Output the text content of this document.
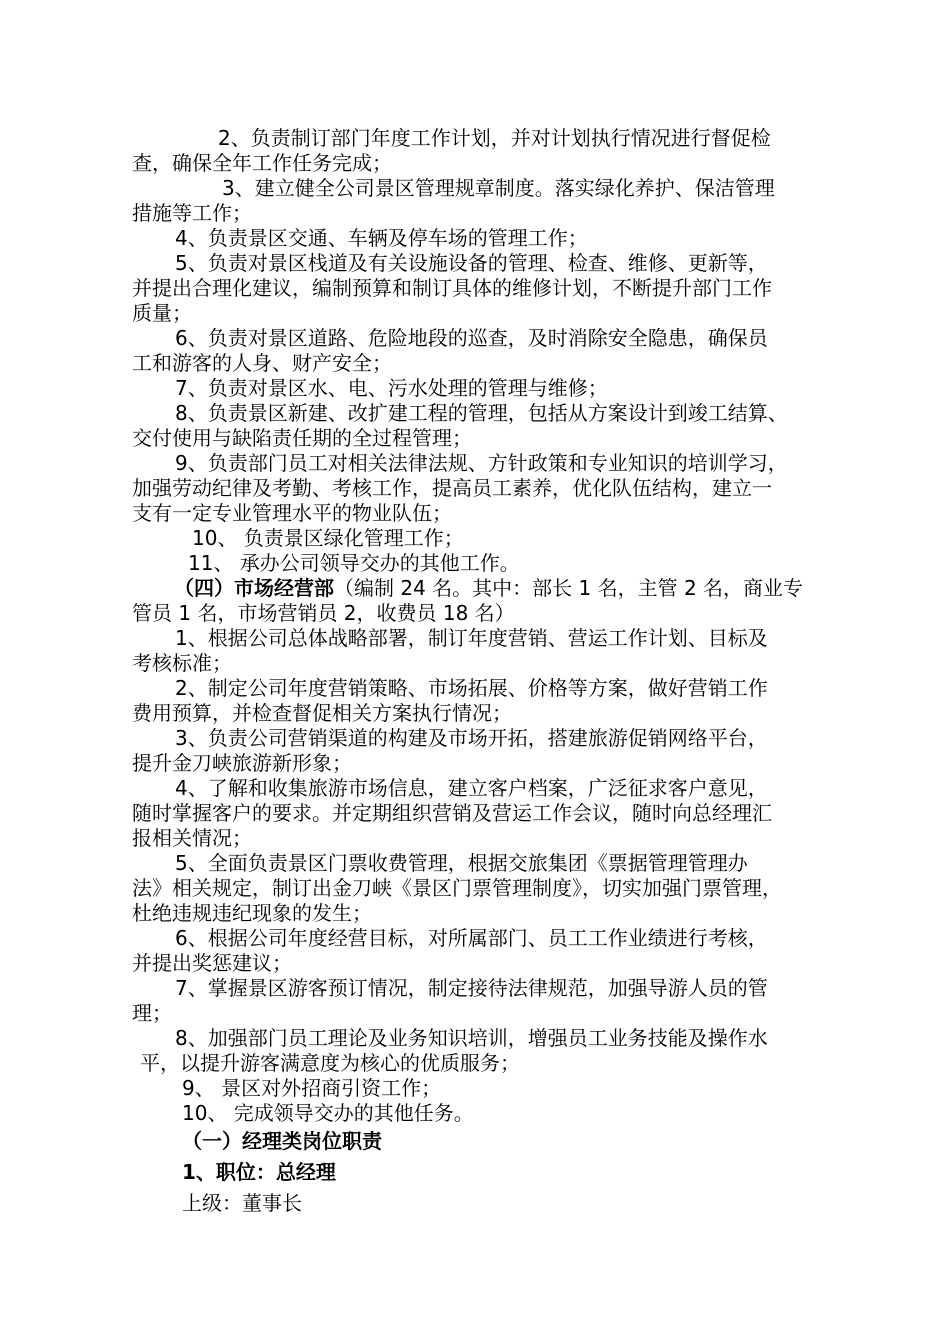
2、负责制订部门年度工作计划，并对计划执行情况进行督促检
查，确保全年工作任务完成；
3、建立健全公司景区管理规章制度。落实绿化养护、保洁管理
措施等工作；
4、负责景区交通、车辆及停车场的管理工作；
5、负责对景区栈道及有关设施设备的管理、检查、维修、更新等，
并提出合理化建议，编制预算和制订具体的维修计划，不断提升部门工作
质量；
6、负责对景区道路、危险地段的巡查，及时消除安全隐患，确保员
工和游客的人身、财产安全；
7、负责对景区水、电、污水处理的管理与维修；
8、负责景区新建、改扩建工程的管理，包括从方案设计到竣工结算、
交付使用与缺陷责任期的全过程管理；
9、负责部门员工对相关法律法规、方针政策和专业知识的培训学习，
加强劳动纪律及考勤、考核工作，提高员工素养，优化队伍结构，建立一
支有一定专业管理水平的物业队伍；
10、 负责景区绿化管理工作；
11、 承办公司领导交办的其他工作。
（四）市场经营部（编制 24 名。其中：部长 1 名，主管 2 名，商业专
管员 1 名，市场营销员 2，收费员 18 名）
1、根据公司总体战略部署，制订年度营销、营运工作计划、目标及
考核标准；
2、制定公司年度营销策略、市场拓展、价格等方案，做好营销工作
费用预算，并检查督促相关方案执行情况；
3、负责公司营销渠道的构建及市场开拓，搭建旅游促销网络平台，
提升金刀峡旅游新形象；
4、了解和收集旅游市场信息，建立客户档案，广泛征求客户意见，
随时掌握客户的要求。并定期组织营销及营运工作会议，随时向总经理汇
报相关情况；
5、全面负责景区门票收费管理，根据交旅集团《票据管理管理办
法》相关规定，制订出金刀峡《景区门票管理制度》，切实加强门票管理，
杜绝违规违纪现象的发生；
6、根据公司年度经营目标，对所属部门、员工工作业绩进行考核，
并提出奖惩建议；
7、掌握景区游客预订情况，制定接待法律规范，加强导游人员的管
理；
8、加强部门员工理论及业务知识培训，增强员工业务技能及操作水
平，以提升游客满意度为核心的优质服务；
9、 景区对外招商引资工作；
10、 完成领导交办的其他任务。
（一）经理类岗位职责
1、职位：总经理
上级：董事长
